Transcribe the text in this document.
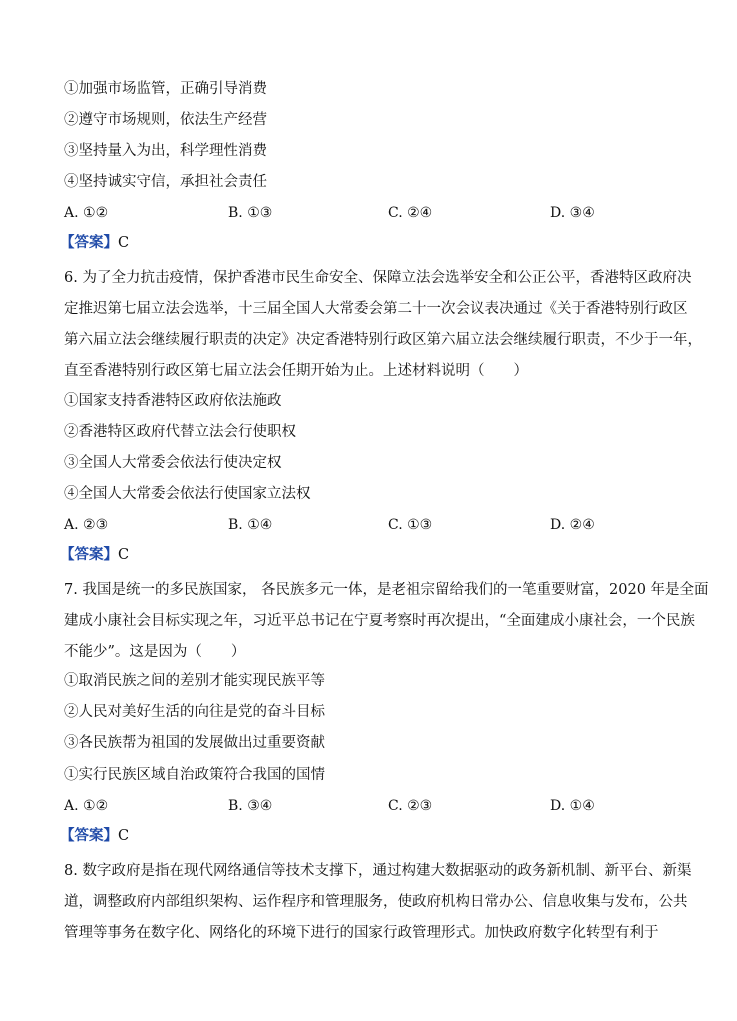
①加强市场监管，正确引导消费
②遵守市场规则，依法生产经营
③坚持量入为出，科学理性消费
④坚持诚实守信，承担社会责任
A. ①②	B. ①③	C. ②④	D. ③④
【答案】C
6. 为了全力抗击疫情，保护香港市民生命安全、保障立法会选举安全和公正公平，香港特区政府决
定推迟第七届立法会选举，十三届全国人大常委会第二十一次会议表决通过《关于香港特别行政区
第六届立法会继续履行职责的决定》决定香港特别行政区第六届立法会继续履行职责，不少于一年，
直至香港特别行政区第七届立法会任期开始为止。上述材料说明（　　）
①国家支持香港特区政府依法施政
②香港特区政府代替立法会行使职权
③全国人大常委会依法行使决定权
④全国人大常委会依法行使国家立法权
A. ②③	B. ①④	C. ①③	D. ②④
【答案】C
7. 我国是统一的多民族国家， 各民族多元一体，是老祖宗留给我们的一笔重要财富，2020 年是全面
建成小康社会目标实现之年，习近平总书记在宁夏考察时再次提出，“全面建成小康社会，一个民族
不能少”。这是因为（　　）
①取消民族之间的差别才能实现民族平等
②人民对美好生活的向往是党的奋斗目标
③各民族帮为祖国的发展做出过重要资献
①实行民族区域自治政策符合我国的国情
A. ①②	B. ③④	C. ②③	D. ①④
【答案】C
8. 数字政府是指在现代网络通信等技术支撑下，通过构建大数据驱动的政务新机制、新平台、新渠
道，调整政府内部组织架构、运作程序和管理服务，使政府机构日常办公、信息收集与发布，公共
管理等事务在数字化、网络化的环境下进行的国家行政管理形式。加快政府数字化转型有利于
